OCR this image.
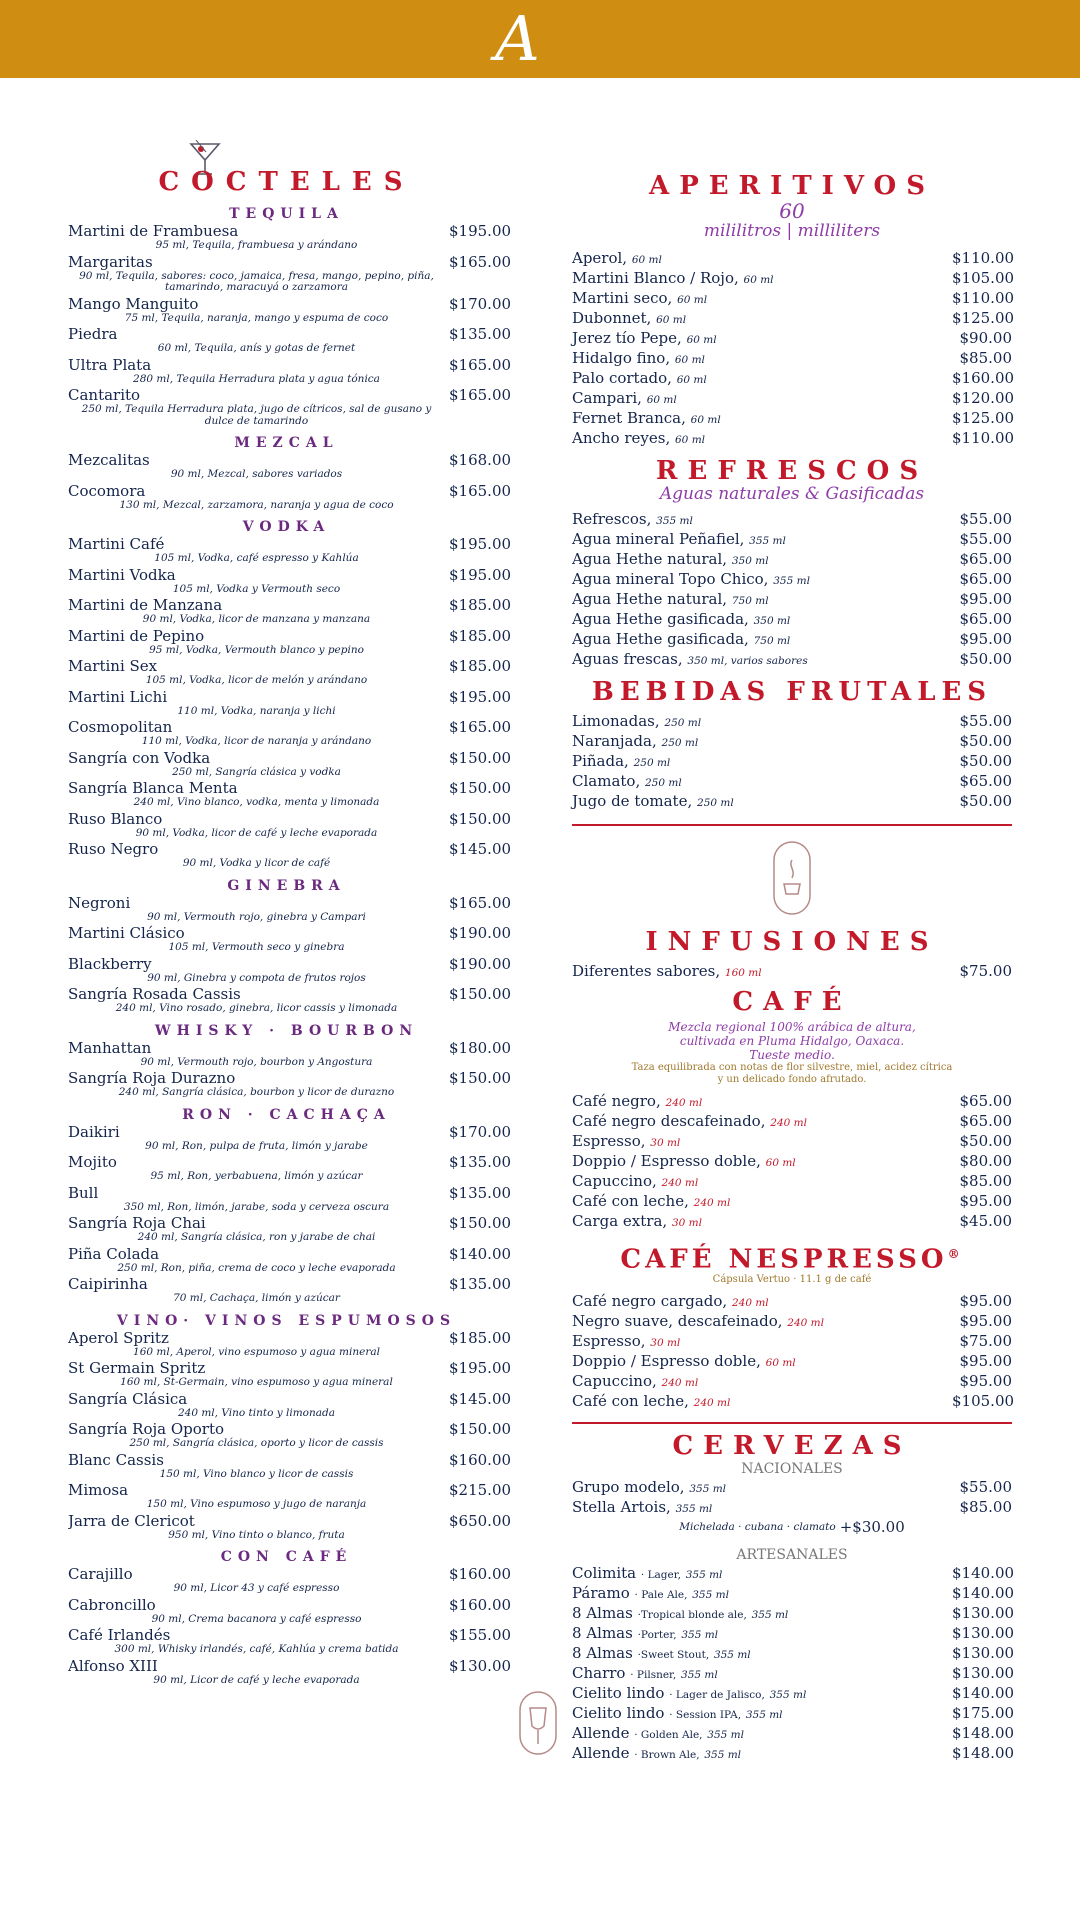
A
COCTELES
TEQUILA
Martini de Frambuesa	$195.00
95 ml, Tequila, frambuesa y arándano
Margaritas	$165.00
90 ml, Tequila, sabores: coco, jamaica, fresa, mango, pepino, piña, tamarindo, maracuyá o zarzamora
Mango Manguito	$170.00
75 ml, Tequila, naranja, mango y espuma de coco
Piedra	$135.00
60 ml, Tequila, anís y gotas de fernet
Ultra Plata	$165.00
280 ml, Tequila Herradura plata y agua tónica
Cantarito	$165.00
250 ml, Tequila Herradura plata, jugo de cítricos, sal de gusano y dulce de tamarindo
MEZCAL
Mezcalitas	$168.00
90 ml, Mezcal, sabores variados
Cocomora	$165.00
130 ml, Mezcal, zarzamora, naranja y agua de coco
VODKA
Martini Café	$195.00
105 ml, Vodka, café espresso y Kahlúa
Martini Vodka	$195.00
105 ml, Vodka y Vermouth seco
Martini de Manzana	$185.00
90 ml, Vodka, licor de manzana y manzana
Martini de Pepino	$185.00
95 ml, Vodka, Vermouth blanco y pepino
Martini Sex	$185.00
105 ml, Vodka, licor de melón y arándano
Martini Lichi	$195.00
110 ml, Vodka, naranja y lichi
Cosmopolitan	$165.00
110 ml, Vodka, licor de naranja y arándano
Sangría con Vodka	$150.00
250 ml, Sangría clásica y vodka
Sangría Blanca Menta	$150.00
240 ml, Vino blanco, vodka, menta y limonada
Ruso Blanco	$150.00
90 ml, Vodka, licor de café y leche evaporada
Ruso Negro	$145.00
90 ml, Vodka y licor de café
GINEBRA
Negroni	$165.00
90 ml, Vermouth rojo, ginebra y Campari
Martini Clásico	$190.00
105 ml, Vermouth seco y ginebra
Blackberry	$190.00
90 ml, Ginebra y compota de frutos rojos
Sangría Rosada Cassis	$150.00
240 ml, Vino rosado, ginebra, licor cassis y limonada
WHISKY · BOURBON
Manhattan	$180.00
90 ml, Vermouth rojo, bourbon y Angostura
Sangría Roja Durazno	$150.00
240 ml, Sangría clásica, bourbon y licor de durazno
RON · CACHAÇA
Daikiri	$170.00
90 ml, Ron, pulpa de fruta, limón y jarabe
Mojito	$135.00
95 ml, Ron, yerbabuena, limón y azúcar
Bull	$135.00
350 ml, Ron, limón, jarabe, soda y cerveza oscura
Sangría Roja Chai	$150.00
240 ml, Sangría clásica, ron y jarabe de chai
Piña Colada	$140.00
250 ml, Ron, piña, crema de coco y leche evaporada
Caipirinha	$135.00
70 ml, Cachaça, limón y azúcar
VINO· VINOS ESPUMOSOS
Aperol Spritz	$185.00
160 ml, Aperol, vino espumoso y agua mineral
St Germain Spritz	$195.00
160 ml, St-Germain, vino espumoso y agua mineral
Sangría Clásica	$145.00
240 ml, Vino tinto y limonada
Sangría Roja Oporto	$150.00
250 ml, Sangría clásica, oporto y licor de cassis
Blanc Cassis	$160.00
150 ml, Vino blanco y licor de cassis
Mimosa	$215.00
150 ml, Vino espumoso y jugo de naranja
Jarra de Clericot	$650.00
950 ml, Vino tinto o blanco, fruta
CON CAFÉ
Carajillo	$160.00
90 ml, Licor 43 y café espresso
Cabroncillo	$160.00
90 ml, Crema bacanora y café espresso
Café Irlandés	$155.00
300 ml, Whisky irlandés, café, Kahlúa y crema batida
Alfonso XIII	$130.00
90 ml, Licor de café y leche evaporada
APERITIVOS
60
mililitros | milliliters
Aperol, 60 ml	$110.00
Martini Blanco / Rojo, 60 ml	$105.00
Martini seco, 60 ml	$110.00
Dubonnet, 60 ml	$125.00
Jerez tío Pepe, 60 ml	$90.00
Hidalgo fino, 60 ml	$85.00
Palo cortado, 60 ml	$160.00
Campari, 60 ml	$120.00
Fernet Branca, 60 ml	$125.00
Ancho reyes, 60 ml	$110.00
REFRESCOS
Aguas naturales & Gasificadas
Refrescos, 355 ml	$55.00
Agua mineral Peñafiel, 355 ml	$55.00
Agua Hethe natural, 350 ml	$65.00
Agua mineral Topo Chico, 355 ml	$65.00
Agua Hethe natural, 750 ml	$95.00
Agua Hethe gasificada, 350 ml	$65.00
Agua Hethe gasificada, 750 ml	$95.00
Aguas frescas, 350 ml, varios sabores	$50.00
BEBIDAS FRUTALES
Limonadas, 250 ml	$55.00
Naranjada, 250 ml	$50.00
Piñada, 250 ml	$50.00
Clamato, 250 ml	$65.00
Jugo de tomate, 250 ml	$50.00
INFUSIONES
Diferentes sabores, 160 ml	$75.00
CAFÉ
Mezcla regional 100% arábica de altura,
cultivada en Pluma Hidalgo, Oaxaca.
Tueste medio.
Taza equilibrada con notas de flor silvestre, miel, acidez cítrica
y un delicado fondo afrutado.
Café negro, 240 ml	$65.00
Café negro descafeinado, 240 ml	$65.00
Espresso, 30 ml	$50.00
Doppio / Espresso doble, 60 ml	$80.00
Capuccino, 240 ml	$85.00
Café con leche, 240 ml	$95.00
Carga extra, 30 ml	$45.00
CAFÉ NESPRESSO®
Cápsula Vertuo · 11.1 g de café
Café negro cargado, 240 ml	$95.00
Negro suave, descafeinado, 240 ml	$95.00
Espresso, 30 ml	$75.00
Doppio / Espresso doble, 60 ml	$95.00
Capuccino, 240 ml	$95.00
Café con leche, 240 ml	$105.00
CERVEZAS
NACIONALES
Grupo modelo, 355 ml	$55.00
Stella Artois, 355 ml	$85.00
Michelada · cubana · clamato +$30.00
ARTESANALES
Colimita · Lager, 355 ml	$140.00
Páramo · Pale Ale, 355 ml	$140.00
8 Almas ·Tropical blonde ale, 355 ml	$130.00
8 Almas ·Porter, 355 ml	$130.00
8 Almas ·Sweet Stout, 355 ml	$130.00
Charro · Pilsner, 355 ml	$130.00
Cielito lindo · Lager de Jalisco, 355 ml	$140.00
Cielito lindo · Session IPA, 355 ml	$175.00
Allende · Golden Ale, 355 ml	$148.00
Allende · Brown Ale, 355 ml	$148.00
